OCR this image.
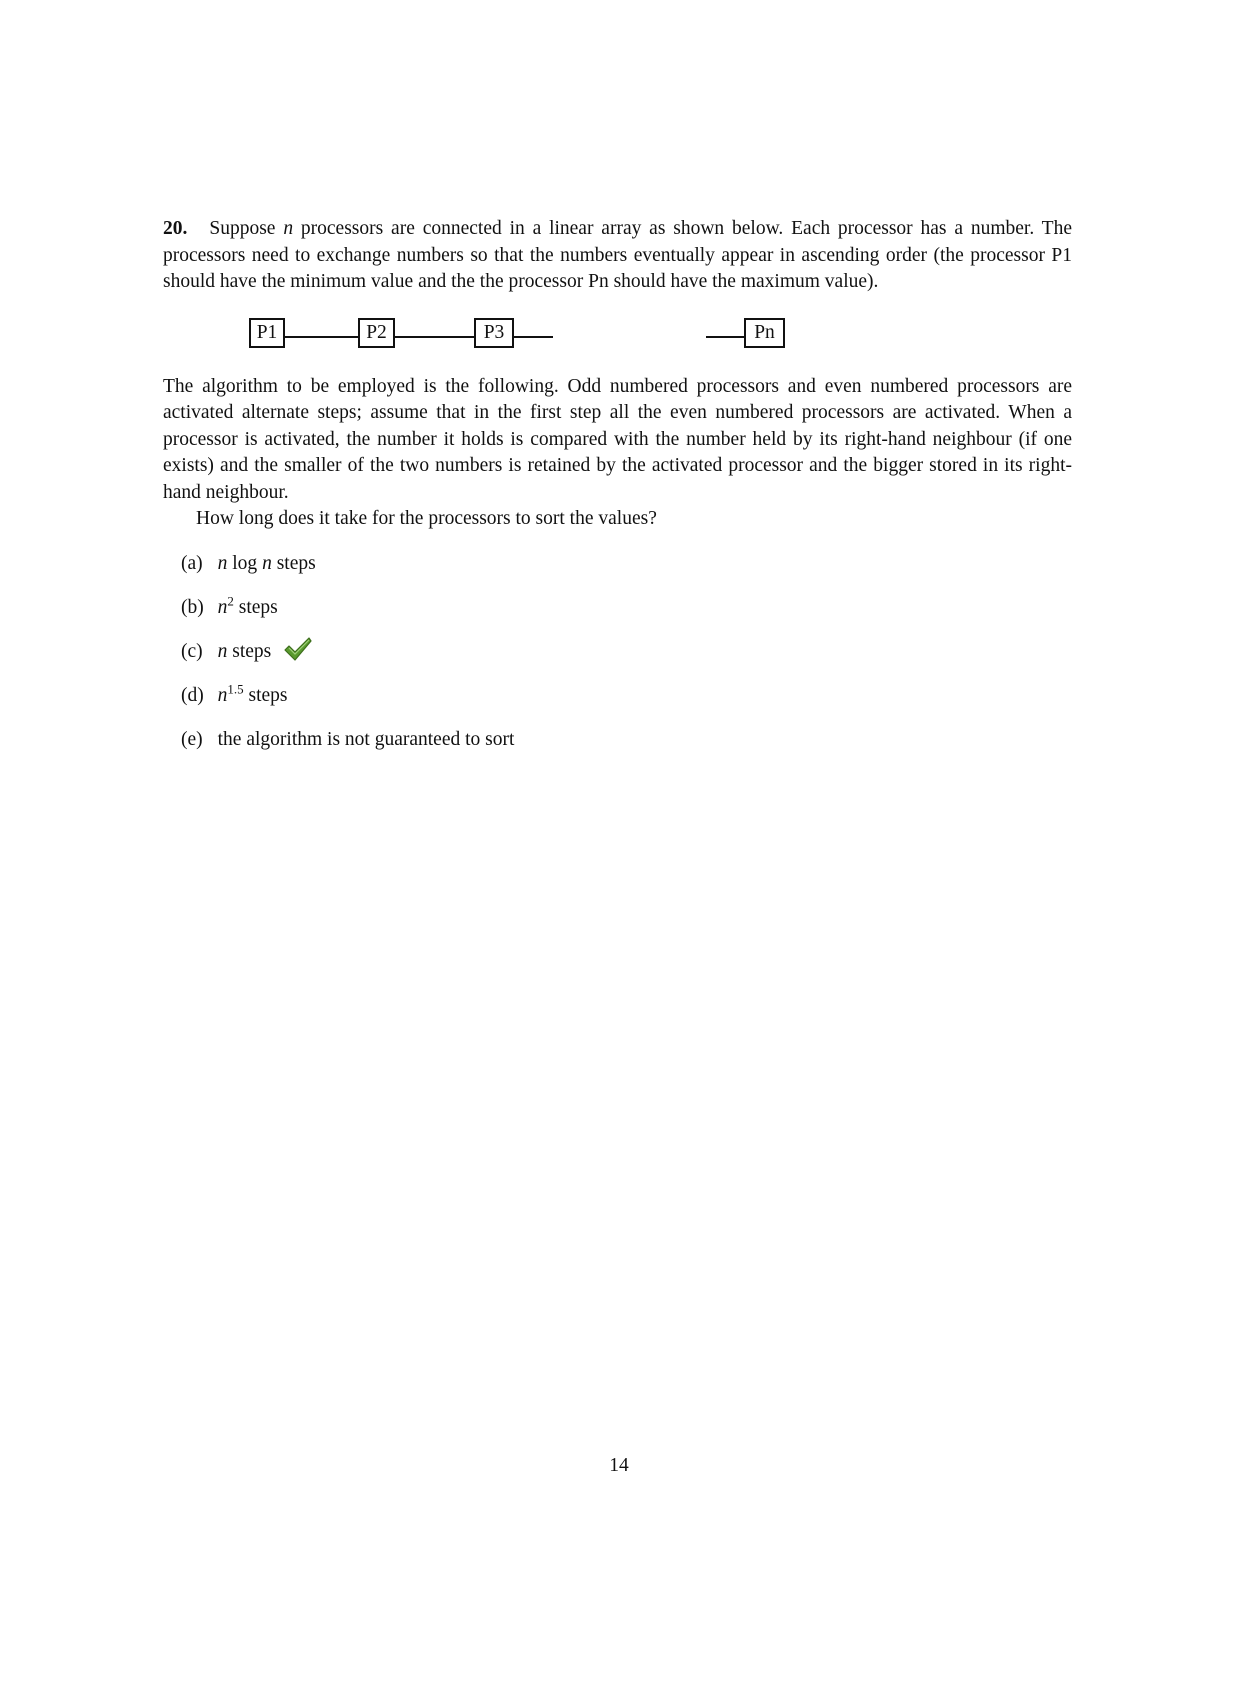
20. Suppose n processors are connected in a linear array as shown below. Each processor has a number. The processors need to exchange numbers so that the numbers eventually appear in ascending order (the processor P1 should have the minimum value and the the processor Pn should have the maximum value).

The algorithm to be employed is the following. Odd numbered processors and even numbered processors are activated alternate steps; assume that in the first step all the even numbered processors are activated. When a processor is activated, the number it holds is compared with the number held by its right-hand neighbour (if one exists) and the smaller of the two numbers is retained by the activated processor and the bigger stored in its right-hand neighbour.

How long does it take for the processors to sort the values?

(a)
  n log n steps
(b)
  $n^2$ steps
(c)
  n steps
(d)
  $n^{1.5}$ steps
(e)
  the algorithm is not guaranteed to sort
P1	P2	P3	Pn
14
